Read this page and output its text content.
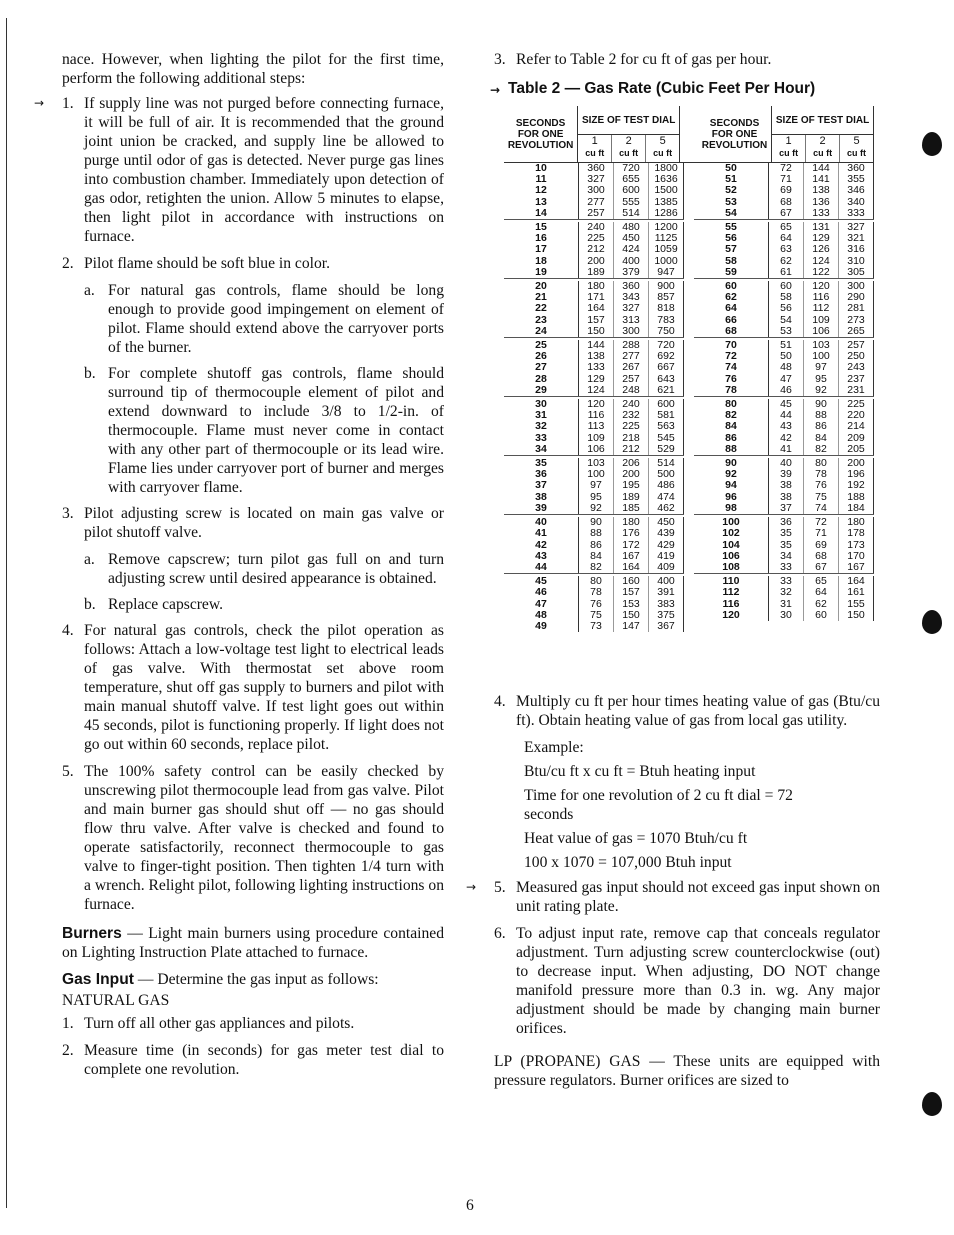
nace. However, when lighting the pilot for the first time, perform the following additional steps:

→ 1. If supply line was not purged before connecting furnace, it will be full of air. It is recommended that the ground joint union be cracked, and supply line be allowed to purge until odor of gas is detected. Never purge gas lines into combustion chamber. Immediately upon detection of gas odor, retighten the union. Allow 5 minutes to elapse, then light pilot in accordance with instructions on furnace.
2. Pilot flame should be soft blue in color.
a. For natural gas controls, flame should be long enough to provide good impingement on element of pilot. Flame should extend above the carryover ports of the burner.
b. For complete shutoff gas controls, flame should surround tip of thermocouple element of pilot and extend downward to include 3/8 to 1/2-in. of thermocouple. Flame must never come in contact with any other part of thermocouple or its lead wire. Flame lies under carryover port of burner and merges with carryover flame.
3. Pilot adjusting screw is located on main gas valve or pilot shutoff valve.
a. Remove capscrew; turn pilot gas full on and turn adjusting screw until desired appearance is obtained.
b. Replace capscrew.
4. For natural gas controls, check the pilot operation as follows: Attach a low-voltage test light to electrical leads of gas valve. With thermostat set above room temperature, shut off gas supply to burners and pilot with main manual shutoff valve. If test light goes out within 45 seconds, pilot is functioning properly. If light does not go out within 60 seconds, replace pilot.
5. The 100% safety control can be easily checked by unscrewing pilot thermocouple lead from gas valve. Pilot and main burner gas should shut off — no gas should flow thru valve. After valve is checked and found to operate satisfactorily, reconnect thermocouple to gas valve to finger-tight position. Then tighten 1/4 turn with a wrench. Relight pilot, following lighting instructions on furnace.

Burners — Light main burners using procedure contained on Lighting Instruction Plate attached to furnace.

Gas Input — Determine the gas input as follows:

NATURAL GAS

1. Turn off all other gas appliances and pilots.
2. Measure time (in seconds) for gas meter test dial to complete one revolution.
3. Refer to Table 2 for cu ft of gas per hour.
→ Table 2 — Gas Rate (Cubic Feet Per Hour)
SECONDS FOR ONE REVOLUTION
SIZE OF TEST DIAL
1
cu ft
2
cu ft
5
cu ft
SECONDS FOR ONE REVOLUTION
SIZE OF TEST DIAL
1
cu ft
2
cu ft
5
cu ft
10	360	720	1800
11	327	655	1636
12	300	600	1500
13	277	555	1385
14	257	514	1286
15	240	480	1200
16	225	450	1125
17	212	424	1059
18	200	400	1000
19	189	379	947
20	180	360	900
21	171	343	857
22	164	327	818
23	157	313	783
24	150	300	750
25	144	288	720
26	138	277	692
27	133	267	667
28	129	257	643
29	124	248	621
30	120	240	600
31	116	232	581
32	113	225	563
33	109	218	545
34	106	212	529
35	103	206	514
36	100	200	500
37	97	195	486
38	95	189	474
39	92	185	462
40	90	180	450
41	88	176	439
42	86	172	429
43	84	167	419
44	82	164	409
45	80	160	400
46	78	157	391
47	76	153	383
48	75	150	375
49	73	147	367
50	72	144	360
51	71	141	355
52	69	138	346
53	68	136	340
54	67	133	333
55	65	131	327
56	64	129	321
57	63	126	316
58	62	124	310
59	61	122	305
60	60	120	300
62	58	116	290
64	56	112	281
66	54	109	273
68	53	106	265
70	51	103	257
72	50	100	250
74	48	97	243
76	47	95	237
78	46	92	231
80	45	90	225
82	44	88	220
84	43	86	214
86	42	84	209
88	41	82	205
90	40	80	200
92	39	78	196
94	38	76	192
96	38	75	188
98	37	74	184
100	36	72	180
102	35	71	178
104	35	69	173
106	34	68	170
108	33	67	167
110	33	65	164
112	32	64	161
116	31	62	155
120	30	60	150
4. Multiply cu ft per hour times heating value of gas (Btu/cu ft). Obtain heating value of gas from local gas utility.
Example:
Btu/cu ft x cu ft = Btuh heating input
Time for one revolution of 2 cu ft dial = 72 seconds
Heat value of gas = 1070 Btuh/cu ft
100 x 1070 = 107,000 Btuh input
→ 5. Measured gas input should not exceed gas input shown on unit rating plate.
6. To adjust input rate, remove cap that conceals regulator adjustment. Turn adjusting screw counterclockwise (out) to decrease input. When adjusting, DO NOT change manifold pressure more than 0.3 in. wg. Any major adjustment should be made by changing main burner orifices.

LP (PROPANE) GAS — These units are equipped with pressure regulators. Burner orifices are sized to

6
